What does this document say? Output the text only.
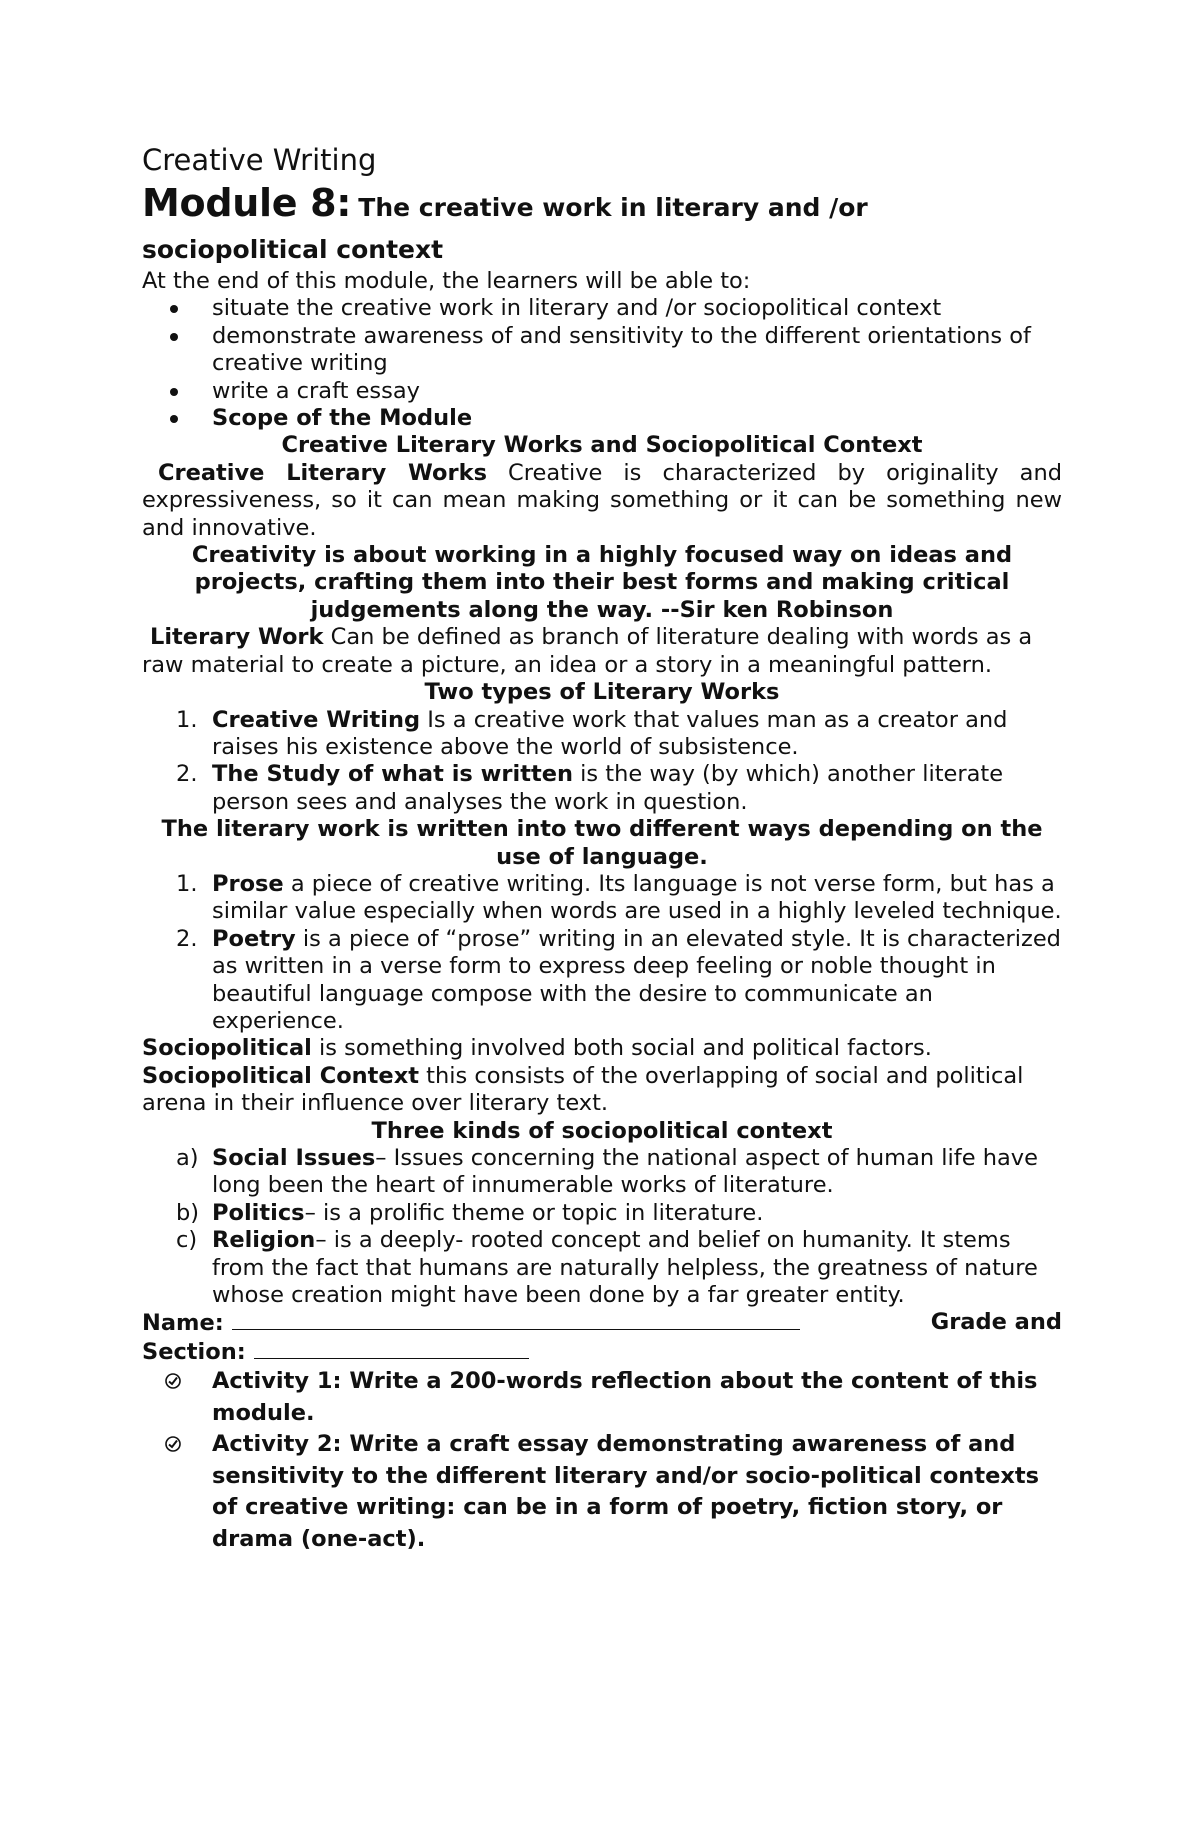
Creative Writing
Module 8: The creative work in literary and /or
sociopolitical context

At the end of this module, the learners will be able to:

situate the creative work in literary and /or sociopolitical context
demonstrate awareness of and sensitivity to the different orientations of creative writing
write a craft essay
Scope of the Module

Creative Literary Works and Sociopolitical Context

Creative Literary Works Creative is characterized by originality and expressiveness, so it can mean making something or it can be something new and innovative.

Creativity is about working in a highly focused way on ideas and projects, crafting them into their best forms and making critical judgements along the way. --Sir ken Robinson

Literary Work Can be defined as branch of literature dealing with words as a raw material to create a picture, an idea or a story in a meaningful pattern.

Two types of Literary Works

1. Creative Writing Is a creative work that values man as a creator and raises his existence above the world of subsistence.
2. The Study of what is written is the way (by which) another literate person sees and analyses the work in question.

The literary work is written into two different ways depending on the use of language.

1. Prose a piece of creative writing. Its language is not verse form, but has a similar value especially when words are used in a highly leveled technique.
2. Poetry is a piece of “prose” writing in an elevated style. It is characterized as written in a verse form to express deep feeling or noble thought in beautiful language compose with the desire to communicate an experience.

Sociopolitical is something involved both social and political factors.

Sociopolitical Context this consists of the overlapping of social and political arena in their influence over literary text.

Three kinds of sociopolitical context

a) Social Issues– Issues concerning the national aspect of human life have long been the heart of innumerable works of literature.
b) Politics– is a prolific theme or topic in literature.
c) Religion– is a deeply- rooted concept and belief on humanity. It stems from the fact that humans are naturally helpless, the greatness of nature whose creation might have been done by a far greater entity.
Name:	Grade and
Section:
Activity 1: Write a 200-words reflection about the content of this module.
Activity 2: Write a craft essay demonstrating awareness of and sensitivity to the different literary and/or socio-political contexts of creative writing: can be in a form of poetry, fiction story, or drama (one-act).
